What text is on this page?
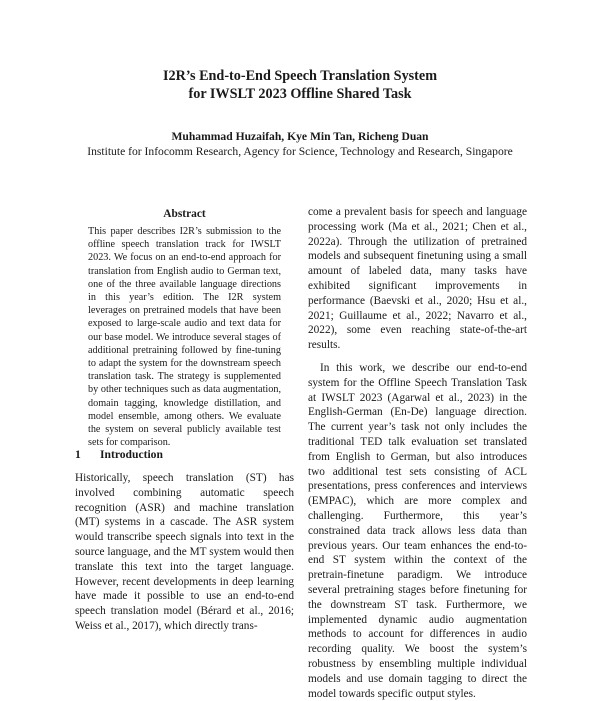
I2R’s End-to-End Speech Translation System
for IWSLT 2023 Offline Shared Task
Muhammad Huzaifah, Kye Min Tan, Richeng Duan
Institute for Infocomm Research, Agency for Science, Technology and Research, Singapore
Abstract
This paper describes I2R’s submission to the offline speech translation track for IWSLT 2023. We focus on an end-to-end approach for translation from English audio to German text, one of the three available language directions in this year’s edition. The I2R system leverages on pretrained models that have been exposed to large-scale audio and text data for our base model. We introduce several stages of additional pretraining followed by fine-tuning to adapt the system for the downstream speech translation task. The strategy is supplemented by other techniques such as data augmentation, domain tagging, knowledge distillation, and model ensemble, among others. We evaluate the system on several publicly available test sets for comparison.
1 Introduction
Historically, speech translation (ST) has involved combining automatic speech recognition (ASR) and machine translation (MT) systems in a cascade. The ASR system would transcribe speech signals into text in the source language, and the MT system would then translate this text into the target language. However, recent developments in deep learning have made it possible to use an end-to-end speech translation model (Bérard et al., 2016; Weiss et al., 2017), which directly trans-

come a prevalent basis for speech and language processing work (Ma et al., 2021; Chen et al., 2022a). Through the utilization of pretrained models and subsequent finetuning using a small amount of labeled data, many tasks have exhibited significant improvements in performance (Baevski et al., 2020; Hsu et al., 2021; Guillaume et al., 2022; Navarro et al., 2022), some even reaching state-of-the-art results.

In this work, we describe our end-to-end system for the Offline Speech Translation Task at IWSLT 2023 (Agarwal et al., 2023) in the English-German (En-De) language direction. The current year’s task not only includes the traditional TED talk evaluation set translated from English to German, but also introduces two additional test sets consisting of ACL presentations, press conferences and interviews (EMPAC), which are more complex and challenging. Furthermore, this year’s constrained data track allows less data than previous years. Our team enhances the end-to-end ST system within the context of the pretrain-finetune paradigm. We introduce several pretraining stages before finetuning for the downstream ST task. Furthermore, we implemented dynamic audio augmentation methods to account for differences in audio recording quality. We boost the system’s robustness by ensembling multiple individual models and use domain tagging to direct the model towards specific output styles.
